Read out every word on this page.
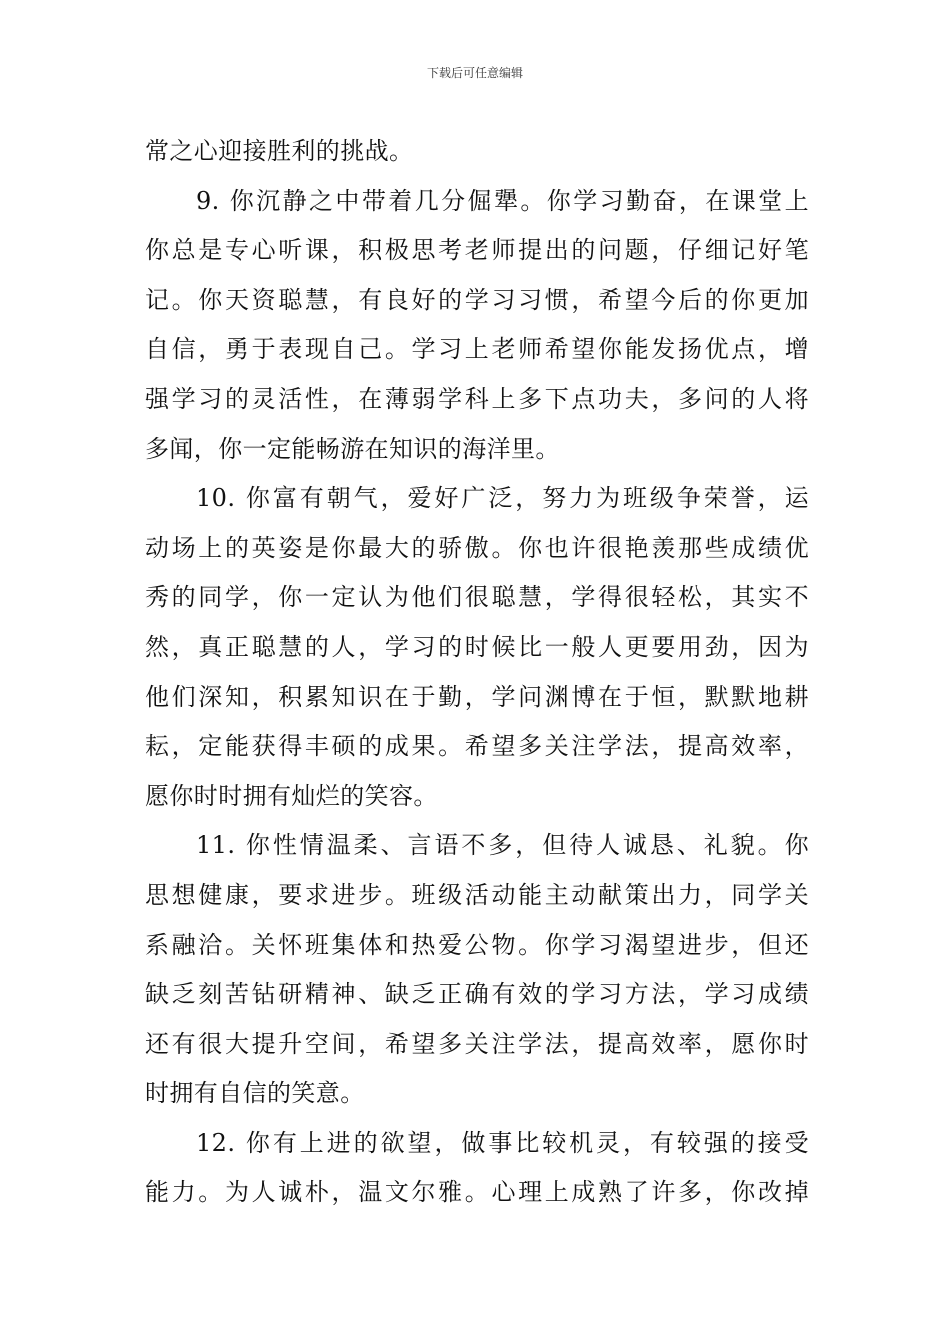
下载后可任意编辑
常之心迎接胜利的挑战。
9. 你沉静之中带着几分倔犟。你学习勤奋，在课堂上
你总是专心听课，积极思考老师提出的问题，仔细记好笔
记。你天资聪慧，有良好的学习习惯，希望今后的你更加
自信，勇于表现自己。学习上老师希望你能发扬优点，增
强学习的灵活性，在薄弱学科上多下点功夫，多问的人将
多闻，你一定能畅游在知识的海洋里。
10. 你富有朝气，爱好广泛，努力为班级争荣誉，运
动场上的英姿是你最大的骄傲。你也许很艳羡那些成绩优
秀的同学，你一定认为他们很聪慧，学得很轻松，其实不
然，真正聪慧的人，学习的时候比一般人更要用劲，因为
他们深知，积累知识在于勤，学问渊博在于恒，默默地耕
耘，定能获得丰硕的成果。希望多关注学法，提高效率，
愿你时时拥有灿烂的笑容。
11. 你性情温柔、言语不多，但待人诚恳、礼貌。你
思想健康，要求进步。班级活动能主动献策出力，同学关
系融洽。关怀班集体和热爱公物。你学习渴望进步，但还
缺乏刻苦钻研精神、缺乏正确有效的学习方法，学习成绩
还有很大提升空间，希望多关注学法，提高效率，愿你时
时拥有自信的笑意。
12. 你有上进的欲望，做事比较机灵，有较强的接受
能力。为人诚朴，温文尔雅。心理上成熟了许多，你改掉
